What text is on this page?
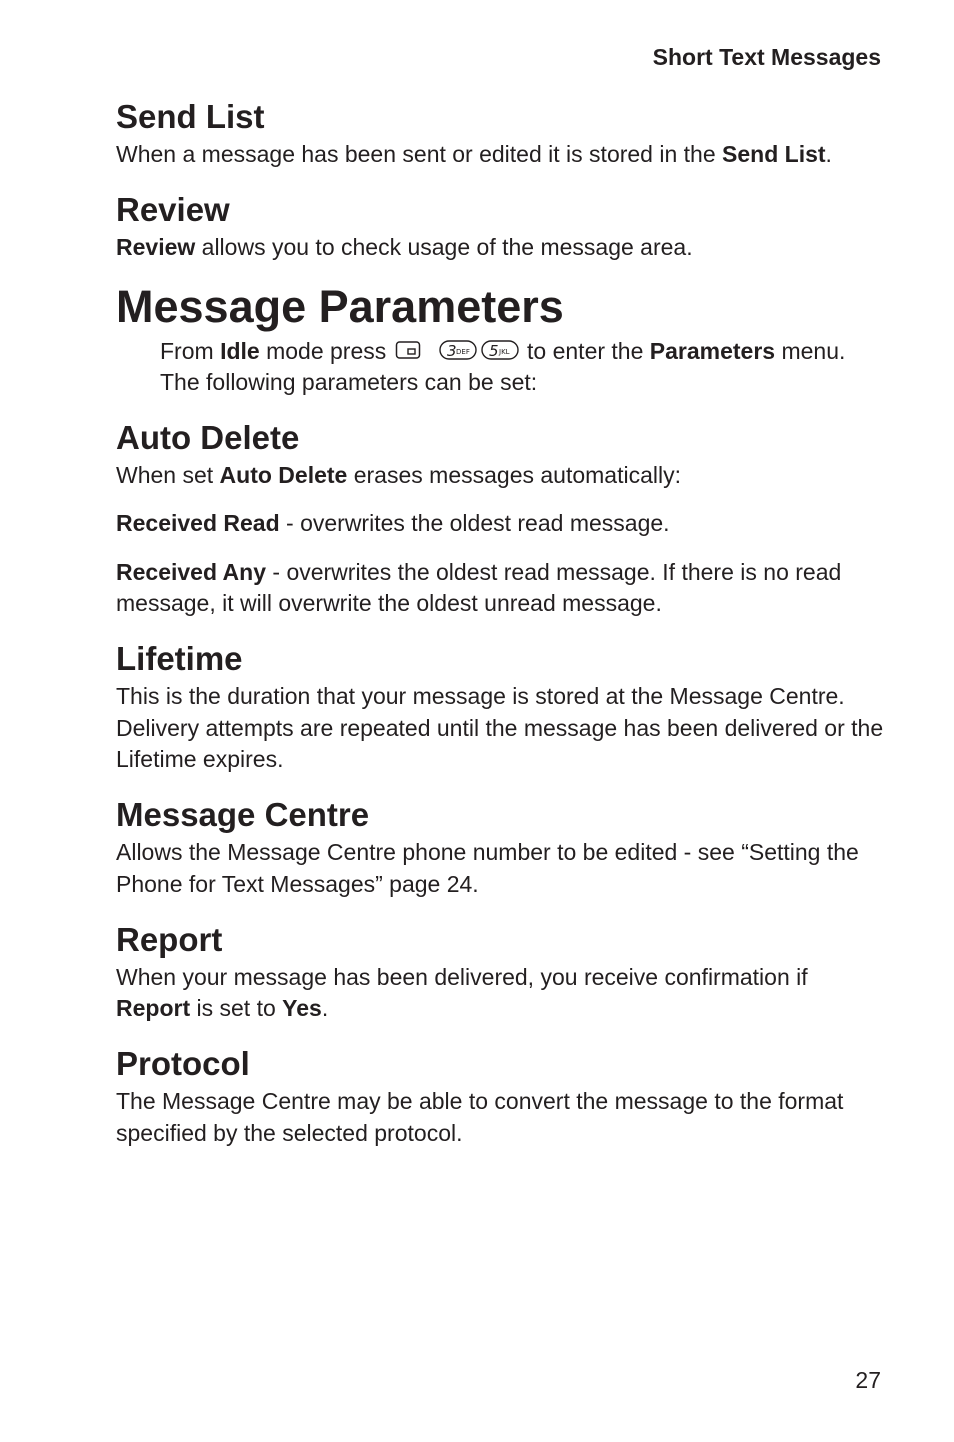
Short Text Messages
Send List

When a message has been sent or edited it is stored in the Send List.

Review

Review allows you to check usage of the message area.

Message Parameters

From Idle mode press	3 DEF 5 JKL to enter the Parameters menu. The following parameters can be set:

Auto Delete

When set Auto Delete erases messages automatically:

Received Read - overwrites the oldest read message.

Received Any - overwrites the oldest read message. If there is no read message, it will overwrite the oldest unread message.

Lifetime

This is the duration that your message is stored at the Message Centre. Delivery attempts are repeated until the message has been delivered or the Lifetime expires.

Message Centre

Allows the Message Centre phone number to be edited - see “Setting the Phone for Text Messages” page 24.

Report

When your message has been delivered, you receive confirmation if Report is set to Yes.

Protocol

The Message Centre may be able to convert the message to the format specified by the selected protocol.

27
